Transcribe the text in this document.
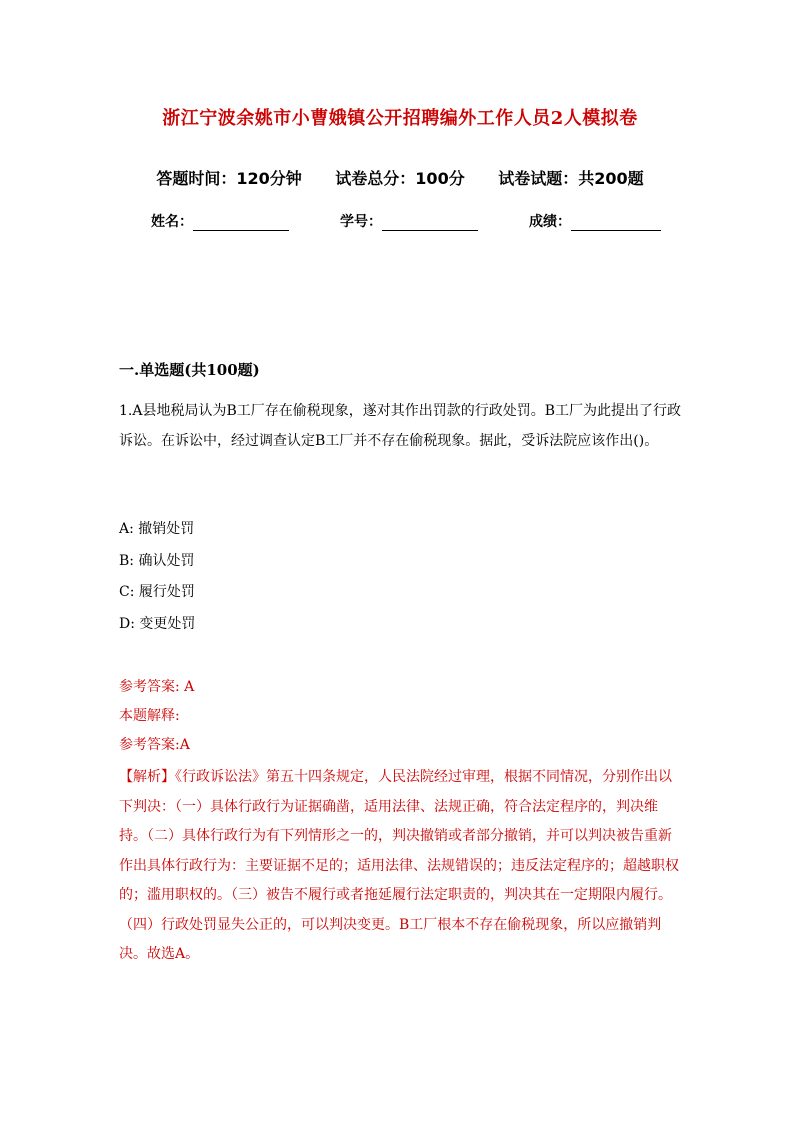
浙江宁波余姚市小曹娥镇公开招聘编外工作人员2人模拟卷
答题时间：120分钟 试卷总分：100分 试卷试题：共200题
姓名：	学号：	成绩：
一.单选题(共100题)
1.A县地税局认为B工厂存在偷税现象，遂对其作出罚款的行政处罚。B工厂为此提出了行政诉讼。在诉讼中，经过调查认定B工厂并不存在偷税现象。据此，受诉法院应该作出()。
A: 撤销处罚
B: 确认处罚
C: 履行处罚
D: 变更处罚
参考答案: A
本题解释:
参考答案:A
【解析】《行政诉讼法》第五十四条规定，人民法院经过审理，根据不同情况，分别作出以下判决：（一）具体行政行为证据确凿，适用法律、法规正确，符合法定程序的，判决维持。（二）具体行政行为有下列情形之一的，判决撤销或者部分撤销，并可以判决被告重新作出具体行政行为：主要证据不足的；适用法律、法规错误的；违反法定程序的；超越职权的；滥用职权的。（三）被告不履行或者拖延履行法定职责的，判决其在一定期限内履行。（四）行政处罚显失公正的，可以判决变更。B工厂根本不存在偷税现象，所以应撤销判决。故选A。
